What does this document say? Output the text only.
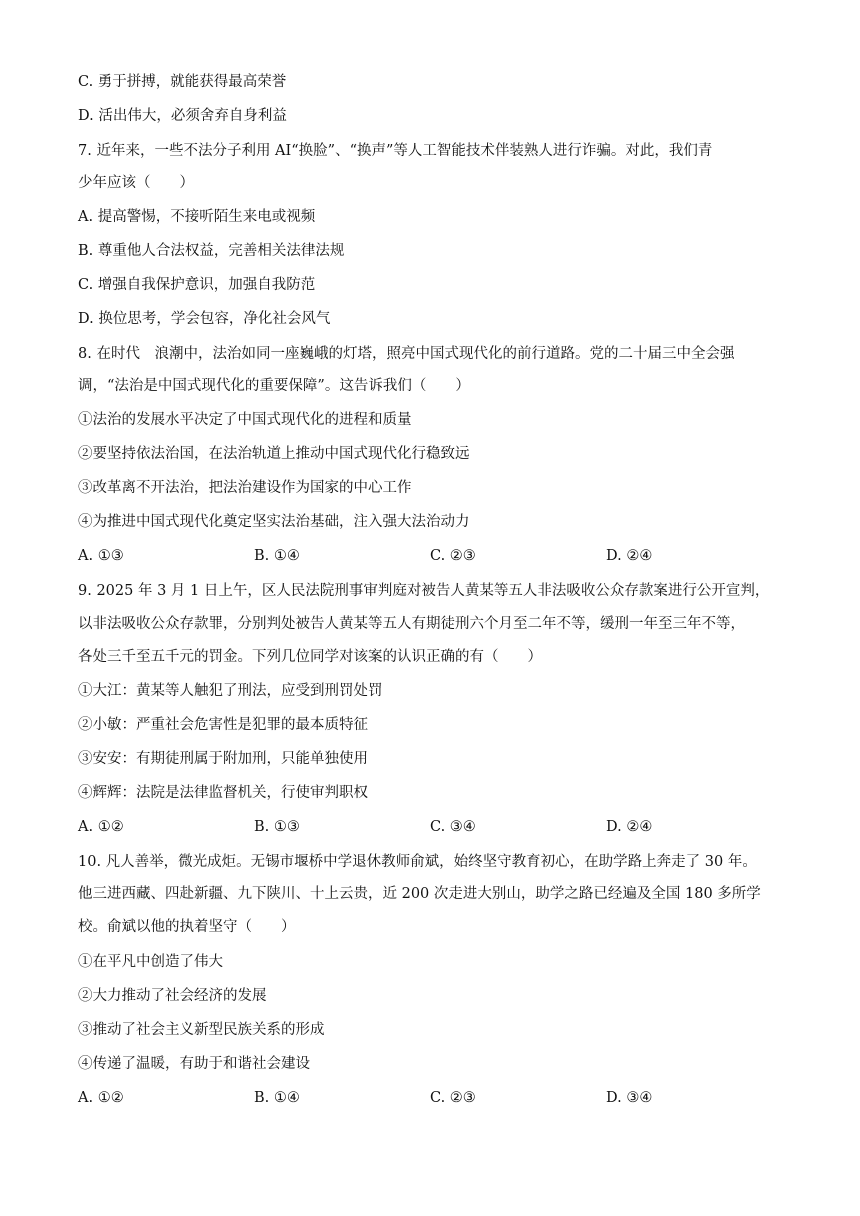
C. 勇于拼搏，就能获得最高荣誉
D. 活出伟大，必须舍弃自身利益
7. 近年来，一些不法分子利用 AI“换脸”、“换声”等人工智能技术伴装熟人进行诈骗。对此，我们青
少年应该（　　）
A. 提高警惕，不接听陌生来电或视频
B. 尊重他人合法权益，完善相关法律法规
C. 增强自我保护意识，加强自我防范
D. 换位思考，学会包容，净化社会风气
8. 在时代　浪潮中，法治如同一座巍峨的灯塔，照亮中国式现代化的前行道路。党的二十届三中全会强
调，“法治是中国式现代化的重要保障”。这告诉我们（　　）
①法治的发展水平决定了中国式现代化的进程和质量
②要坚持依法治国，在法治轨道上推动中国式现代化行稳致远
③改革离不开法治，把法治建设作为国家的中心工作
④为推进中国式现代化奠定坚实法治基础，注入强大法治动力
A. ①③	B. ①④	C. ②③	D. ②④
9. 2025 年 3 月 1 日上午，区人民法院刑事审判庭对被告人黄某等五人非法吸收公众存款案进行公开宣判，
以非法吸收公众存款罪，分别判处被告人黄某等五人有期徒刑六个月至二年不等，缓刑一年至三年不等，
各处三千至五千元的罚金。下列几位同学对该案的认识正确的有（　　）
①大江：黄某等人触犯了刑法，应受到刑罚处罚
②小敏：严重社会危害性是犯罪的最本质特征
③安安：有期徒刑属于附加刑，只能单独使用
④辉辉：法院是法律监督机关，行使审判职权
A. ①②	B. ①③	C. ③④	D. ②④
10. 凡人善举，微光成炬。无锡市堰桥中学退休教师俞斌，始终坚守教育初心，在助学路上奔走了 30 年。
他三进西藏、四赴新疆、九下陕川、十上云贵，近 200 次走进大别山，助学之路已经遍及全国 180 多所学
校。俞斌以他的执着坚守（　　）
①在平凡中创造了伟大
②大力推动了社会经济的发展
③推动了社会主义新型民族关系的形成
④传递了温暖，有助于和谐社会建设
A. ①②	B. ①④	C. ②③	D. ③④
